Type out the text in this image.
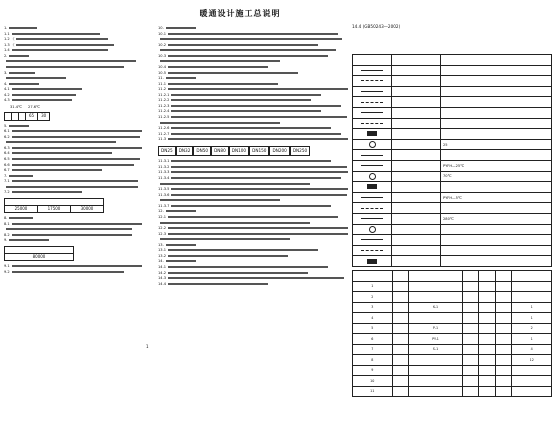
暖通设计施工总说明
1.
1.1
1.2 《
1.3 《
1.4
2.
3.
4.
4.1
4.2
4.3
31.4℃ 27.6℃
			65	30
5.
6.1
6.2
6.3
6.4
6.5
6.6
6.7
7.
7.1
7.2

25000	17500	30000
8.
8.1
8.2
9.

80000
9.1
9.2
1
10.
10.1
10.2
10.3
10.4
10.5
11.
11.1
11.2
11.2.1
11.2.2
11.2.3
11.2.4
11.2.5
11.2.6
11.2.7
11.3
DN25	DN32	DN50	DN80	DN100	DN150	DN200	DN250
11.3.1
11.3.2
11.3.3
11.3.4
11.3.5
11.3.6
11.3.7
12.
12.1
12.2
12.3
13.
13.1
13.2
14.
14.1
14.2
14.3
14.4
14.4 (GB50243—2002)

		25

		PYFH—25℃
		70℃

		PYFH—5℃

		280℃

1						
2						
3		K-1				1
4						1
5		P-1				2
6		PY-1				1
7		S-1				4
8						12
9						
10						
11						
